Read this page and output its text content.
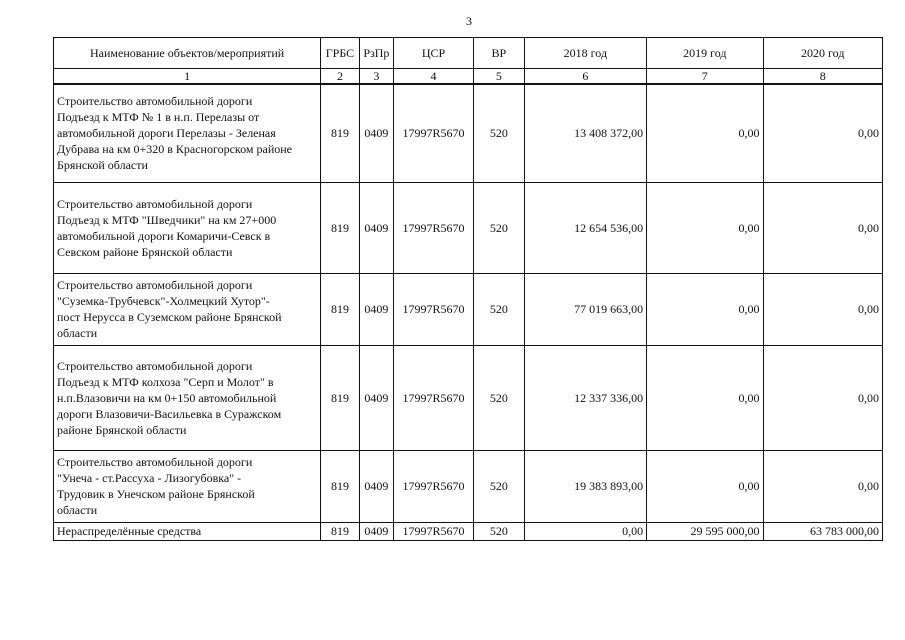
3
Наименование объектов/мероприятий	ГРБС	РзПр	ЦСР	ВР	2018 год	2019 год	2020 год
1	2	3	4	5	6	7	8

Строительство автомобильной дороги
Подъезд к МТФ № 1 в н.п. Перелазы от
автомобильной дороги Перелазы - Зеленая
Дубрава на км 0+320 в Красногорском районе
Брянской области	819	0409	17997R5670	520	13 408 372,00	0,00	0,00

Строительство автомобильной дороги
Подъезд к МТФ "Шведчики" на км 27+000
автомобильной дороги Комаричи-Севск в
Севском районе Брянской области	819	0409	17997R5670	520	12 654 536,00	0,00	0,00

Строительство автомобильной дороги
"Суземка-Трубчевск"-Холмецкий Хутор"-
пост Нерусса в Суземском районе Брянской
области	819	0409	17997R5670	520	77 019 663,00	0,00	0,00

Строительство автомобильной дороги
Подъезд к МТФ колхоза "Серп и Молот" в
н.п.Влазовичи на км 0+150 автомобильной
дороги Влазовичи-Васильевка в Суражском
районе Брянской области	819	0409	17997R5670	520	12 337 336,00	0,00	0,00

Строительство автомобильной дороги
"Унеча - ст.Рассуха - Лизогубовка" -
Трудовик в Унечском районе Брянской
области	819	0409	17997R5670	520	19 383 893,00	0,00	0,00

Нераспределённые средства	819	0409	17997R5670	520	0,00	29 595 000,00	63 783 000,00
